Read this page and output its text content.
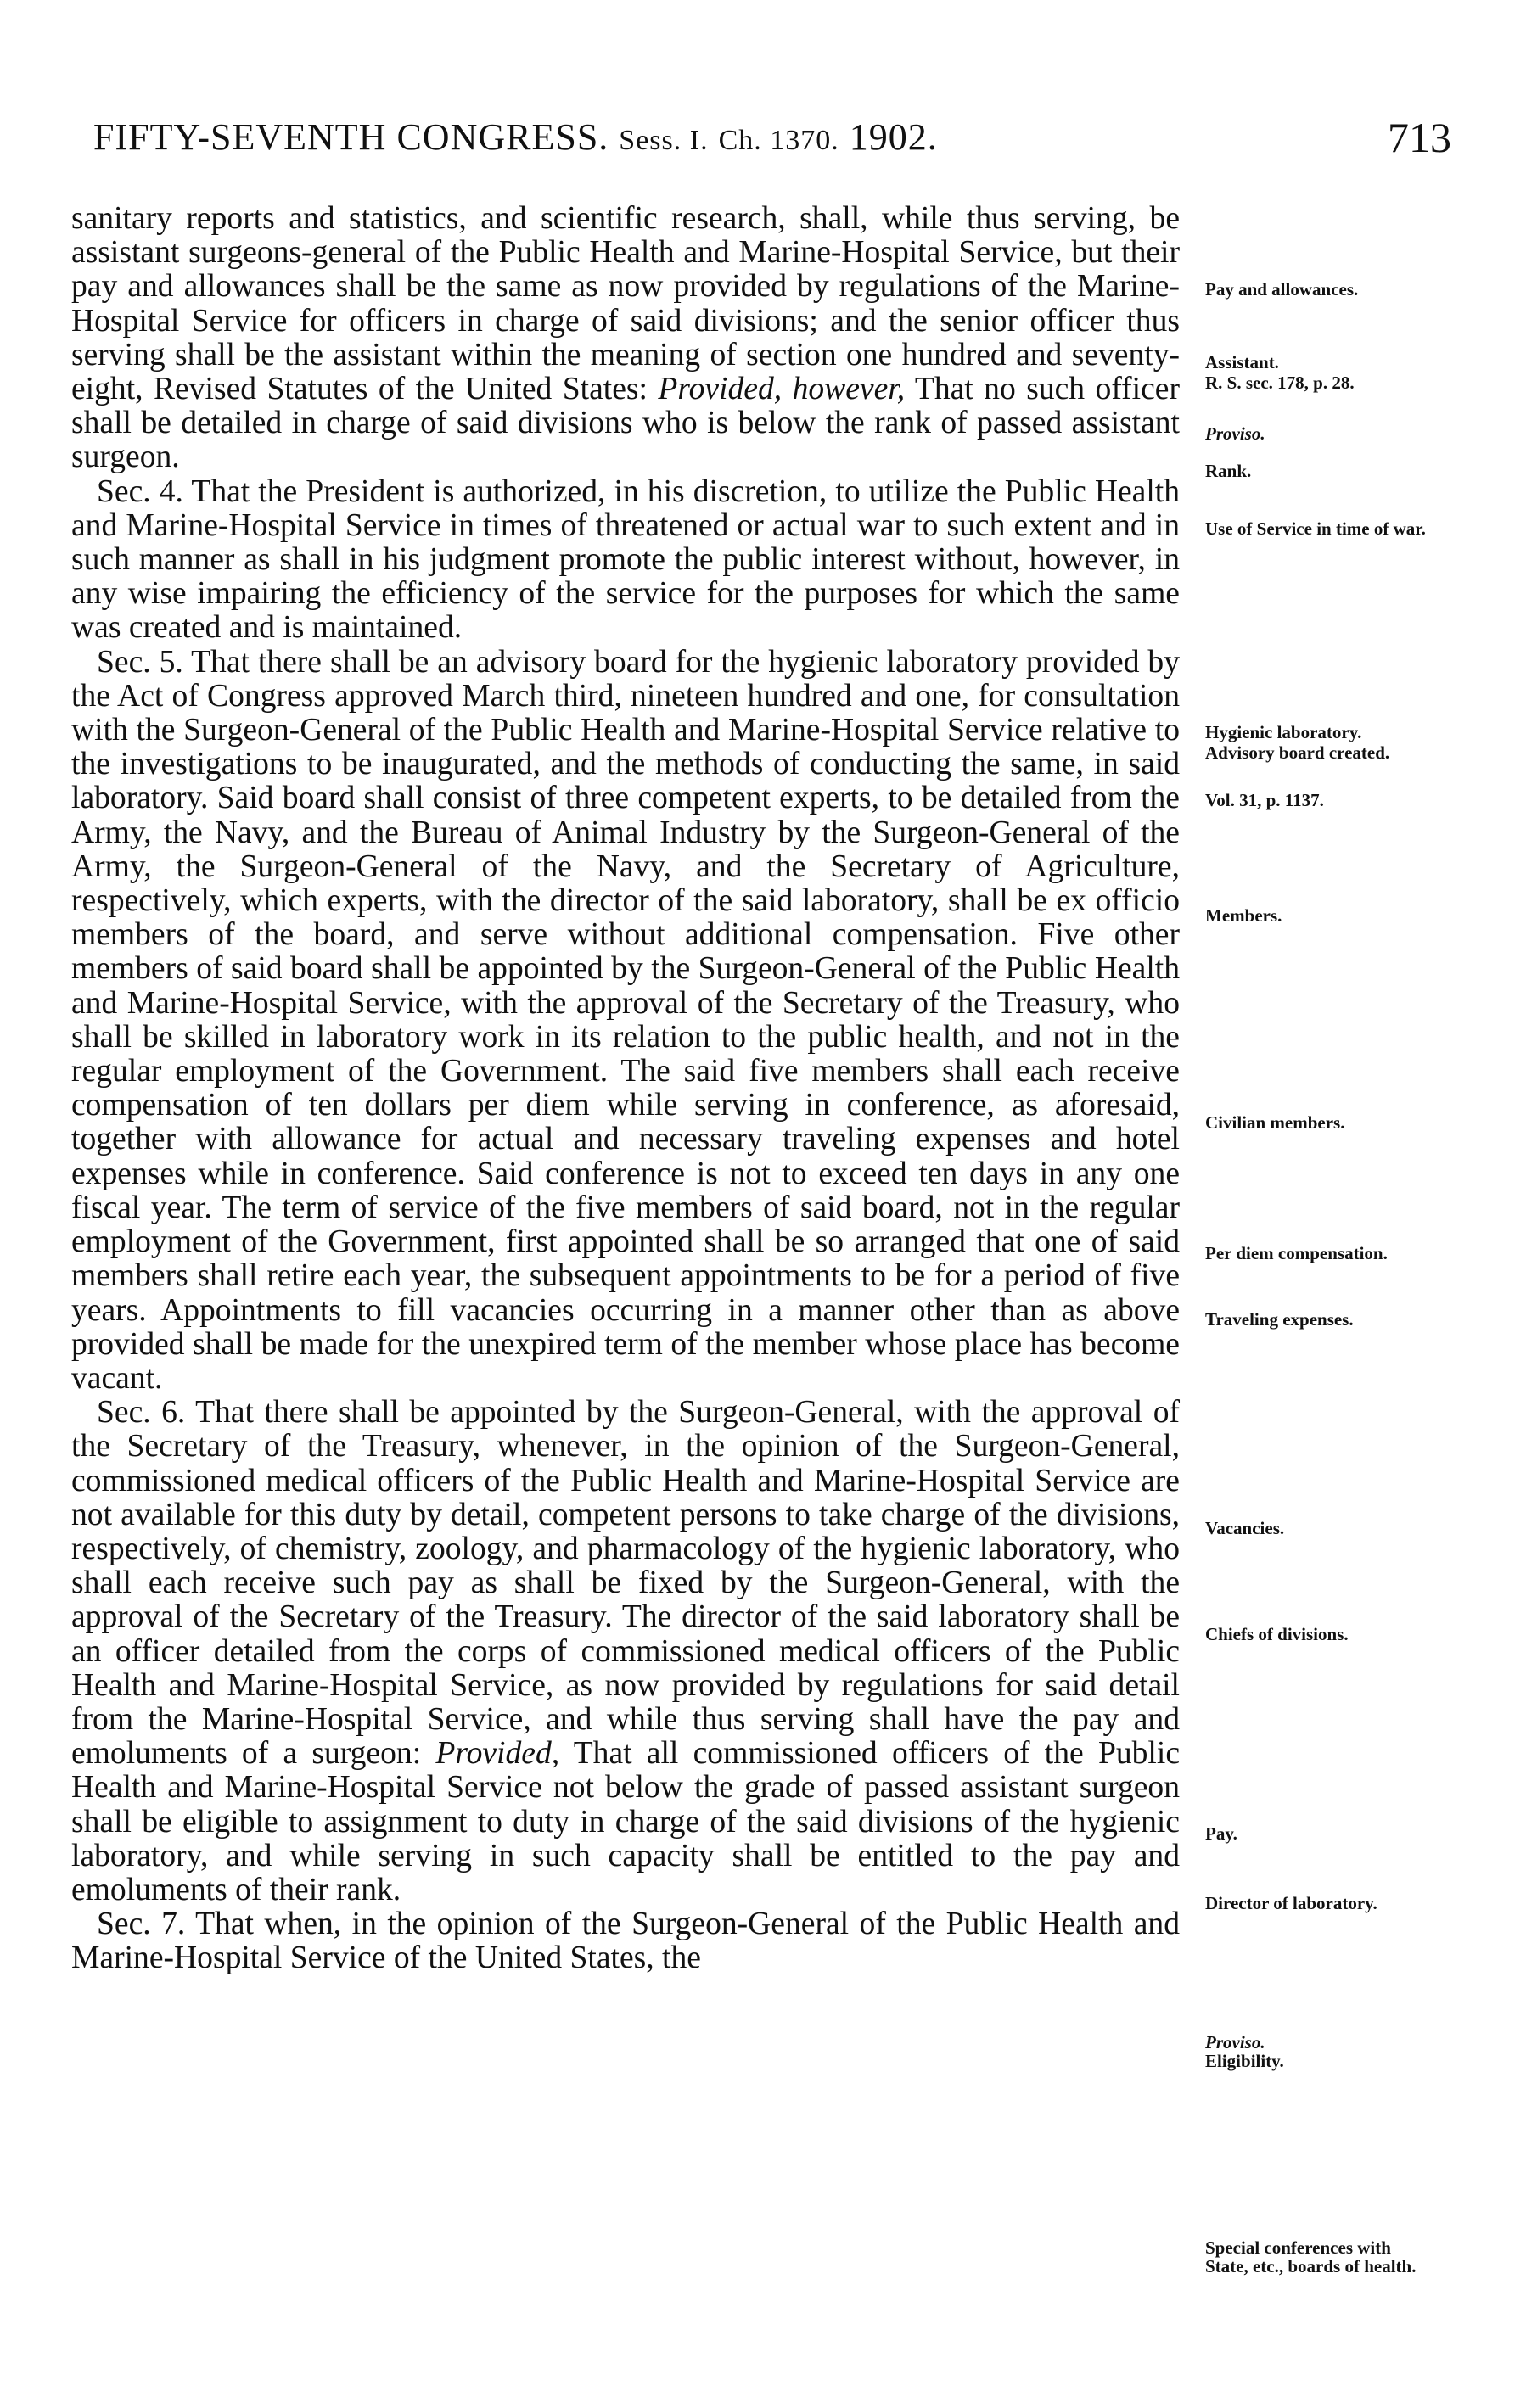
FIFTY-SEVENTH CONGRESS. Sess. I. Ch. 1370. 1902.	713

sanitary reports and statistics, and scientific research, shall, while thus serving, be assistant surgeons-general of the Public Health and Marine-Hospital Service, but their pay and allowances shall be the same as now provided by regulations of the Marine-Hospital Service for officers in charge of said divisions; and the senior officer thus serving shall be the assistant within the meaning of section one hundred and seventy-eight, Revised Statutes of the United States: Provided, however, That no such officer shall be detailed in charge of said divisions who is below the rank of passed assistant surgeon.

Sec. 4. That the President is authorized, in his discretion, to utilize the Public Health and Marine-Hospital Service in times of threatened or actual war to such extent and in such manner as shall in his judgment promote the public interest without, however, in any wise impairing the efficiency of the service for the purposes for which the same was created and is maintained.

Sec. 5. That there shall be an advisory board for the hygienic laboratory provided by the Act of Congress approved March third, nineteen hundred and one, for consultation with the Surgeon-General of the Public Health and Marine-Hospital Service relative to the investigations to be inaugurated, and the methods of conducting the same, in said laboratory. Said board shall consist of three competent experts, to be detailed from the Army, the Navy, and the Bureau of Animal Industry by the Surgeon-General of the Army, the Surgeon-General of the Navy, and the Secretary of Agriculture, respectively, which experts, with the director of the said laboratory, shall be ex officio members of the board, and serve without additional compensation. Five other members of said board shall be appointed by the Surgeon-General of the Public Health and Marine-Hospital Service, with the approval of the Secretary of the Treasury, who shall be skilled in laboratory work in its relation to the public health, and not in the regular employment of the Government. The said five members shall each receive compensation of ten dollars per diem while serving in conference, as aforesaid, together with allowance for actual and necessary traveling expenses and hotel expenses while in conference. Said conference is not to exceed ten days in any one fiscal year. The term of service of the five members of said board, not in the regular employment of the Government, first appointed shall be so arranged that one of said members shall retire each year, the subsequent appointments to be for a period of five years. Appointments to fill vacancies occurring in a manner other than as above provided shall be made for the unexpired term of the member whose place has become vacant.

Sec. 6. That there shall be appointed by the Surgeon-General, with the approval of the Secretary of the Treasury, whenever, in the opinion of the Surgeon-General, commissioned medical officers of the Public Health and Marine-Hospital Service are not available for this duty by detail, competent persons to take charge of the divisions, respectively, of chemistry, zoology, and pharmacology of the hygienic laboratory, who shall each receive such pay as shall be fixed by the Surgeon-General, with the approval of the Secretary of the Treasury. The director of the said laboratory shall be an officer detailed from the corps of commissioned medical officers of the Public Health and Marine-Hospital Service, as now provided by regulations for said detail from the Marine-Hospital Service, and while thus serving shall have the pay and emoluments of a surgeon: Provided, That all commissioned officers of the Public Health and Marine-Hospital Service not below the grade of passed assistant surgeon shall be eligible to assignment to duty in charge of the said divisions of the hygienic laboratory, and while serving in such capacity shall be entitled to the pay and emoluments of their rank.

Sec. 7. That when, in the opinion of the Surgeon-General of the Public Health and Marine-Hospital Service of the United States, the

Pay and allowances.
Assistant.
R. S. sec. 178, p. 28.
Proviso.
Rank.
Use of Service in time of war.
Hygienic laboratory.
Advisory board created.
Vol. 31, p. 1137.
Members.
Civilian members.
Per diem compensation.
Traveling expenses.
Vacancies.
Chiefs of divisions.
Pay.
Director of laboratory.
Proviso.
Eligibility.
Special conferences with State, etc., boards of health.
